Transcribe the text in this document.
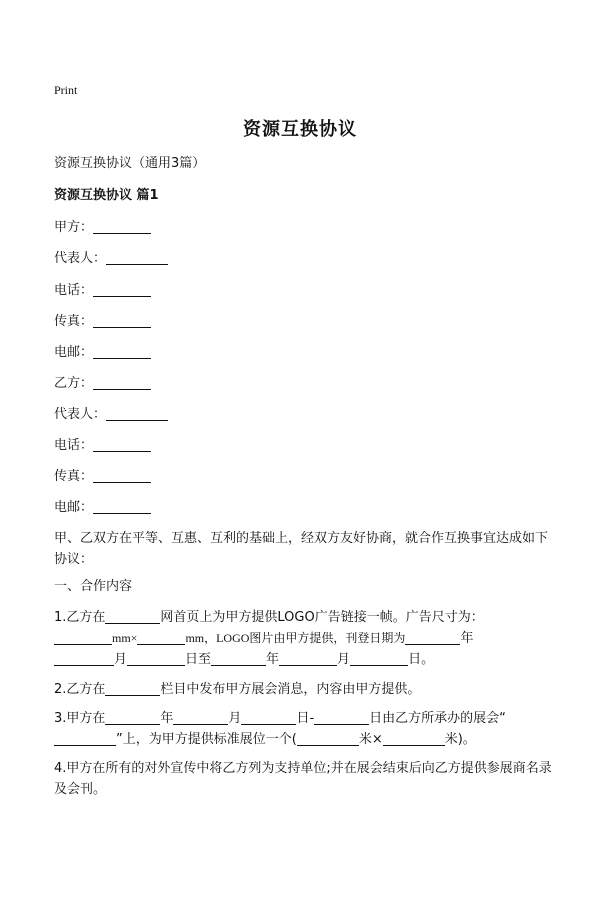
Print
资源互换协议
资源互换协议（通用3篇）
资源互换协议 篇1
甲方：
代表人：
电话：
传真：
电邮：
乙方：
代表人：
电话：
传真：
电邮：
甲、乙双方在平等、互惠、互利的基础上，经双方友好协商，就合作互换事宜达成如下协议：
一、合作内容
1.乙方在	网首页上为甲方提供LOGO广告链接一帧。广告尺寸为：
mm×	mm，LOGO图片由甲方提供，刊登日期为	年
月	日至	年	月	日。
2.乙方在	栏目中发布甲方展会消息，内容由甲方提供。
3.甲方在	年	月	日-	日由乙方所承办的展会“
”上，为甲方提供标准展位一个(	米×	米)。
4.甲方在所有的对外宣传中将乙方列为支持单位;并在展会结束后向乙方提供参展商名录及会刊。
